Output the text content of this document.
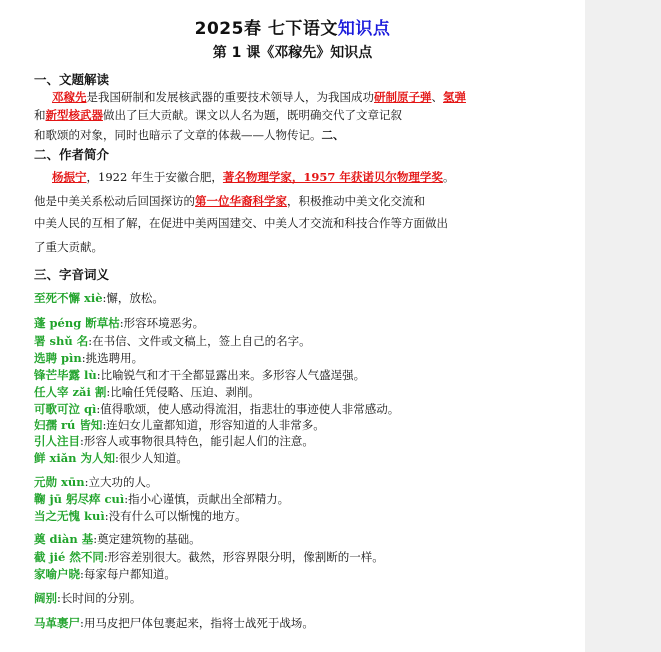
2025春 七下语文知识点
第 1 课《邓稼先》知识点
一、文题解读
邓稼先是我国研制和发展核武器的重要技术领导人，为我国成功研制原子弹、氢弹
和新型核武器做出了巨大贡献。课文以人名为题，既明确交代了文章记叙
和歌颂的对象，同时也暗示了文章的体裁——人物传记。二、
二、作者简介
杨振宁，1922 年生于安徽合肥，著名物理学家，1957 年获诺贝尔物理学奖。
他是中美关系松动后回国探访的第一位华裔科学家，积极推动中美文化交流和
中美人民的互相了解，在促进中美两国建交、中美人才交流和科技合作等方面做出
了重大贡献。
三、字音词义
至死不懈 xiè:懈，放松。
蓬 péng 断草枯:形容环境恶劣。
署 shǔ 名:在书信、文件或文稿上，签上自己的名字。
选聘 pìn:挑选聘用。
锋芒毕露 lù:比喻锐气和才干全都显露出来。多形容人气盛逞强。
任人宰 zǎi 割:比喻任凭侵略、压迫、剥削。
可歌可泣 qì:值得歌颂，使人感动得流泪，指悲壮的事迹使人非常感动。
妇孺 rú 皆知:连妇女儿童都知道，形容知道的人非常多。
引人注目:形容人或事物很具特色，能引起人们的注意。
鲜 xiǎn 为人知:很少人知道。
元勋 xūn:立大功的人。
鞠 jū 躬尽瘁 cuì:指小心谨慎，贡献出全部精力。
当之无愧 kuì:没有什么可以惭愧的地方。
奠 diàn 基:奠定建筑物的基础。
截 jié 然不同:形容差别很大。截然，形容界限分明，像割断的一样。
家喻户晓:每家每户都知道。
阔别:长时间的分别。
马革裹尸:用马皮把尸体包裹起来，指将士战死于战场。
